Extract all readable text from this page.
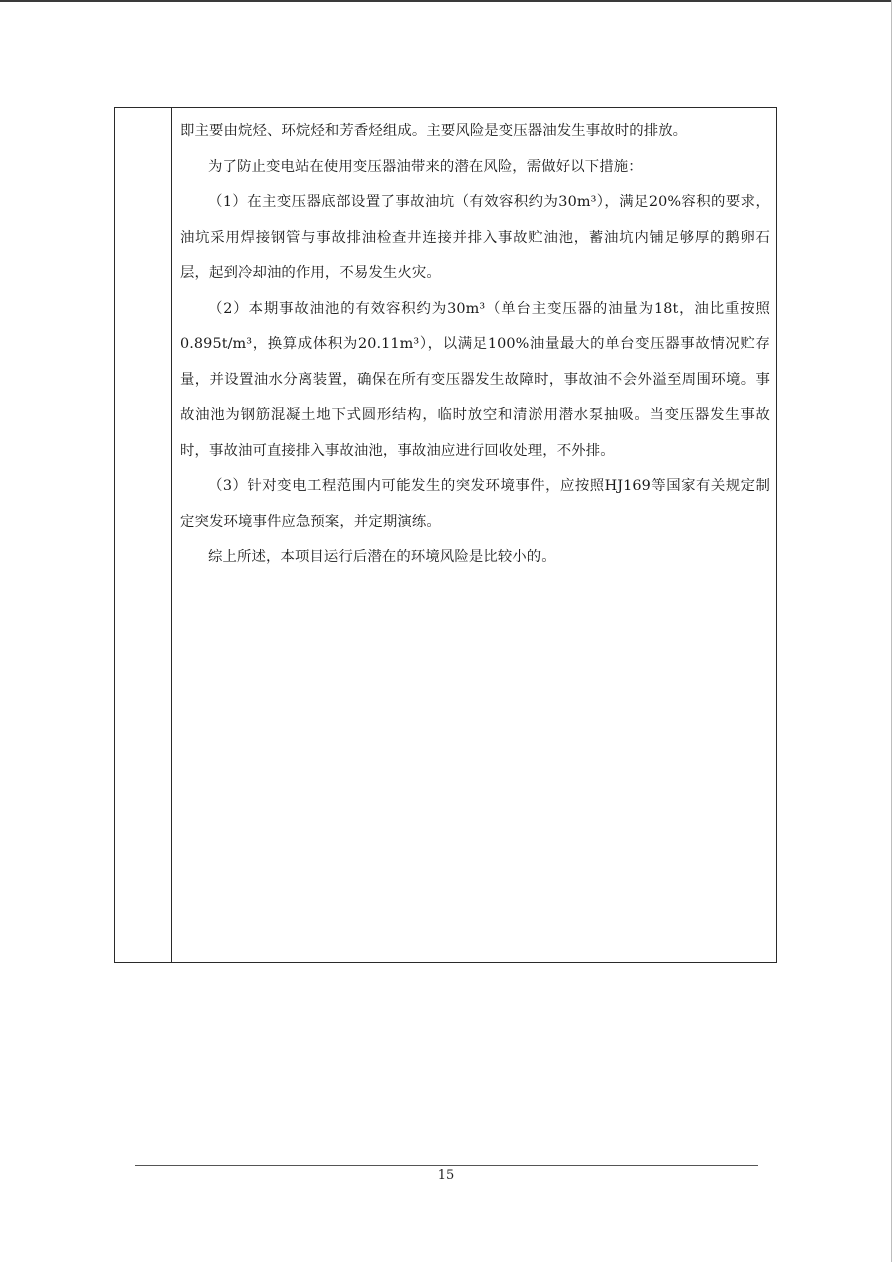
即主要由烷烃、环烷烃和芳香烃组成。主要风险是变压器油发生事故时的排放。

为了防止变电站在使用变压器油带来的潜在风险，需做好以下措施：

（1）在主变压器底部设置了事故油坑（有效容积约为30m³），满足20%容积的要求，油坑采用焊接钢管与事故排油检查井连接并排入事故贮油池，蓄油坑内铺足够厚的鹅卵石层，起到冷却油的作用，不易发生火灾。

（2）本期事故油池的有效容积约为30m³（单台主变压器的油量为18t，油比重按照0.895t/m³，换算成体积为20.11m³），以满足100%油量最大的单台变压器事故情况贮存量，并设置油水分离装置，确保在所有变压器发生故障时，事故油不会外溢至周围环境。事故油池为钢筋混凝土地下式圆形结构，临时放空和清淤用潜水泵抽吸。当变压器发生事故时，事故油可直接排入事故油池，事故油应进行回收处理，不外排。

（3）针对变电工程范围内可能发生的突发环境事件，应按照HJ169等国家有关规定制定突发环境事件应急预案，并定期演练。

综上所述，本项目运行后潜在的环境风险是比较小的。

15
